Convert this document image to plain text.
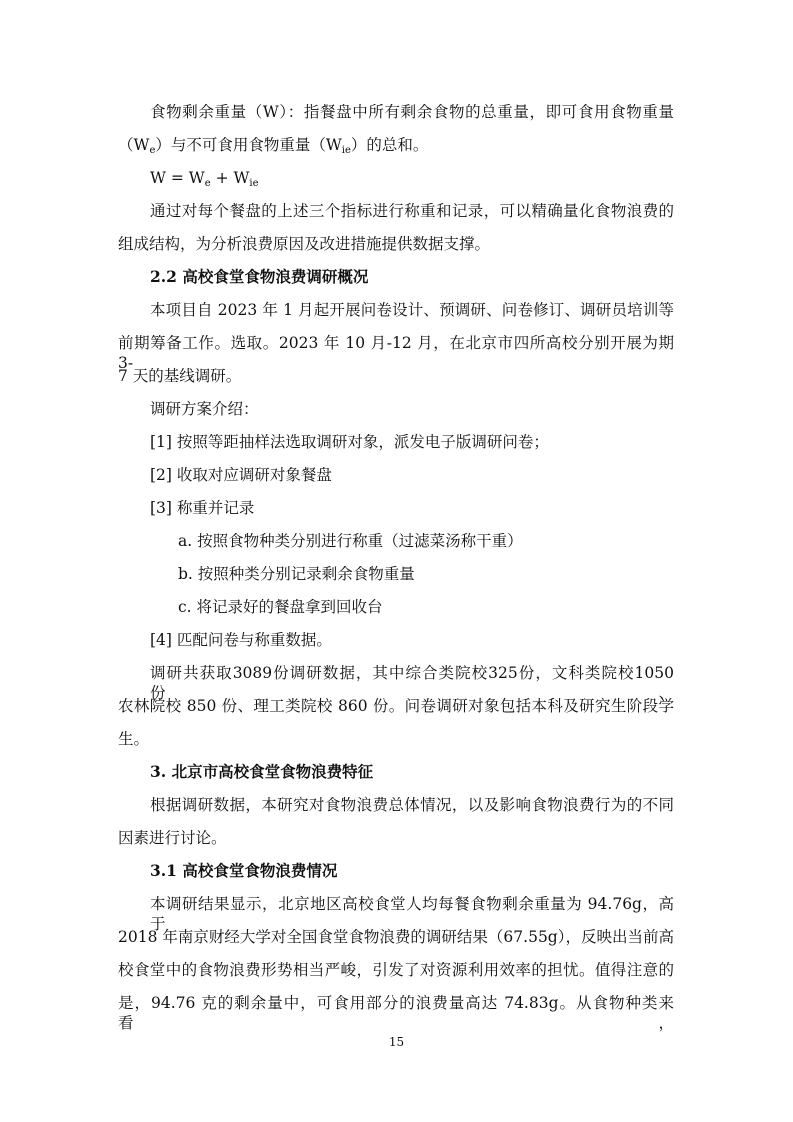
食物剩余重量（W）：指餐盘中所有剩余食物的总重量，即可食用食物重量
$(W_e)$与不可食用食物重量$(W_{ie})$的总和。
$W = W_e + W_{ie}$
通过对每个餐盘的上述三个指标进行称重和记录，可以精确量化食物浪费的
组成结构，为分析浪费原因及改进措施提供数据支撑。
2.2 高校食堂食物浪费调研概况
本项目自 2023 年 1 月起开展问卷设计、预调研、问卷修订、调研员培训等
前期筹备工作。选取。2023 年 10 月-12 月，在北京市四所高校分别开展为期 3-
7 天的基线调研。
调研方案介绍：
[1] 按照等距抽样法选取调研对象，派发电子版调研问卷；
[2] 收取对应调研对象餐盘
[3] 称重并记录
a. 按照食物种类分别进行称重（过滤菜汤称干重）
b. 按照种类分别记录剩余食物重量
c. 将记录好的餐盘拿到回收台
[4] 匹配问卷与称重数据。
调研共获取3089份调研数据，其中综合类院校325份，文科类院校1050份、
农林院校 850 份、理工类院校 860 份。问卷调研对象包括本科及研究生阶段学
生。
3. 北京市高校食堂食物浪费特征
根据调研数据，本研究对食物浪费总体情况，以及影响食物浪费行为的不同
因素进行讨论。
3.1 高校食堂食物浪费情况
本调研结果显示，北京地区高校食堂人均每餐食物剩余重量为 94.76g，高于
2018 年南京财经大学对全国食堂食物浪费的调研结果（67.55g），反映出当前高
校食堂中的食物浪费形势相当严峻，引发了对资源利用效率的担忧。值得注意的
是，94.76 克的剩余量中，可食用部分的浪费量高达 74.83g。从食物种类来看，
15
